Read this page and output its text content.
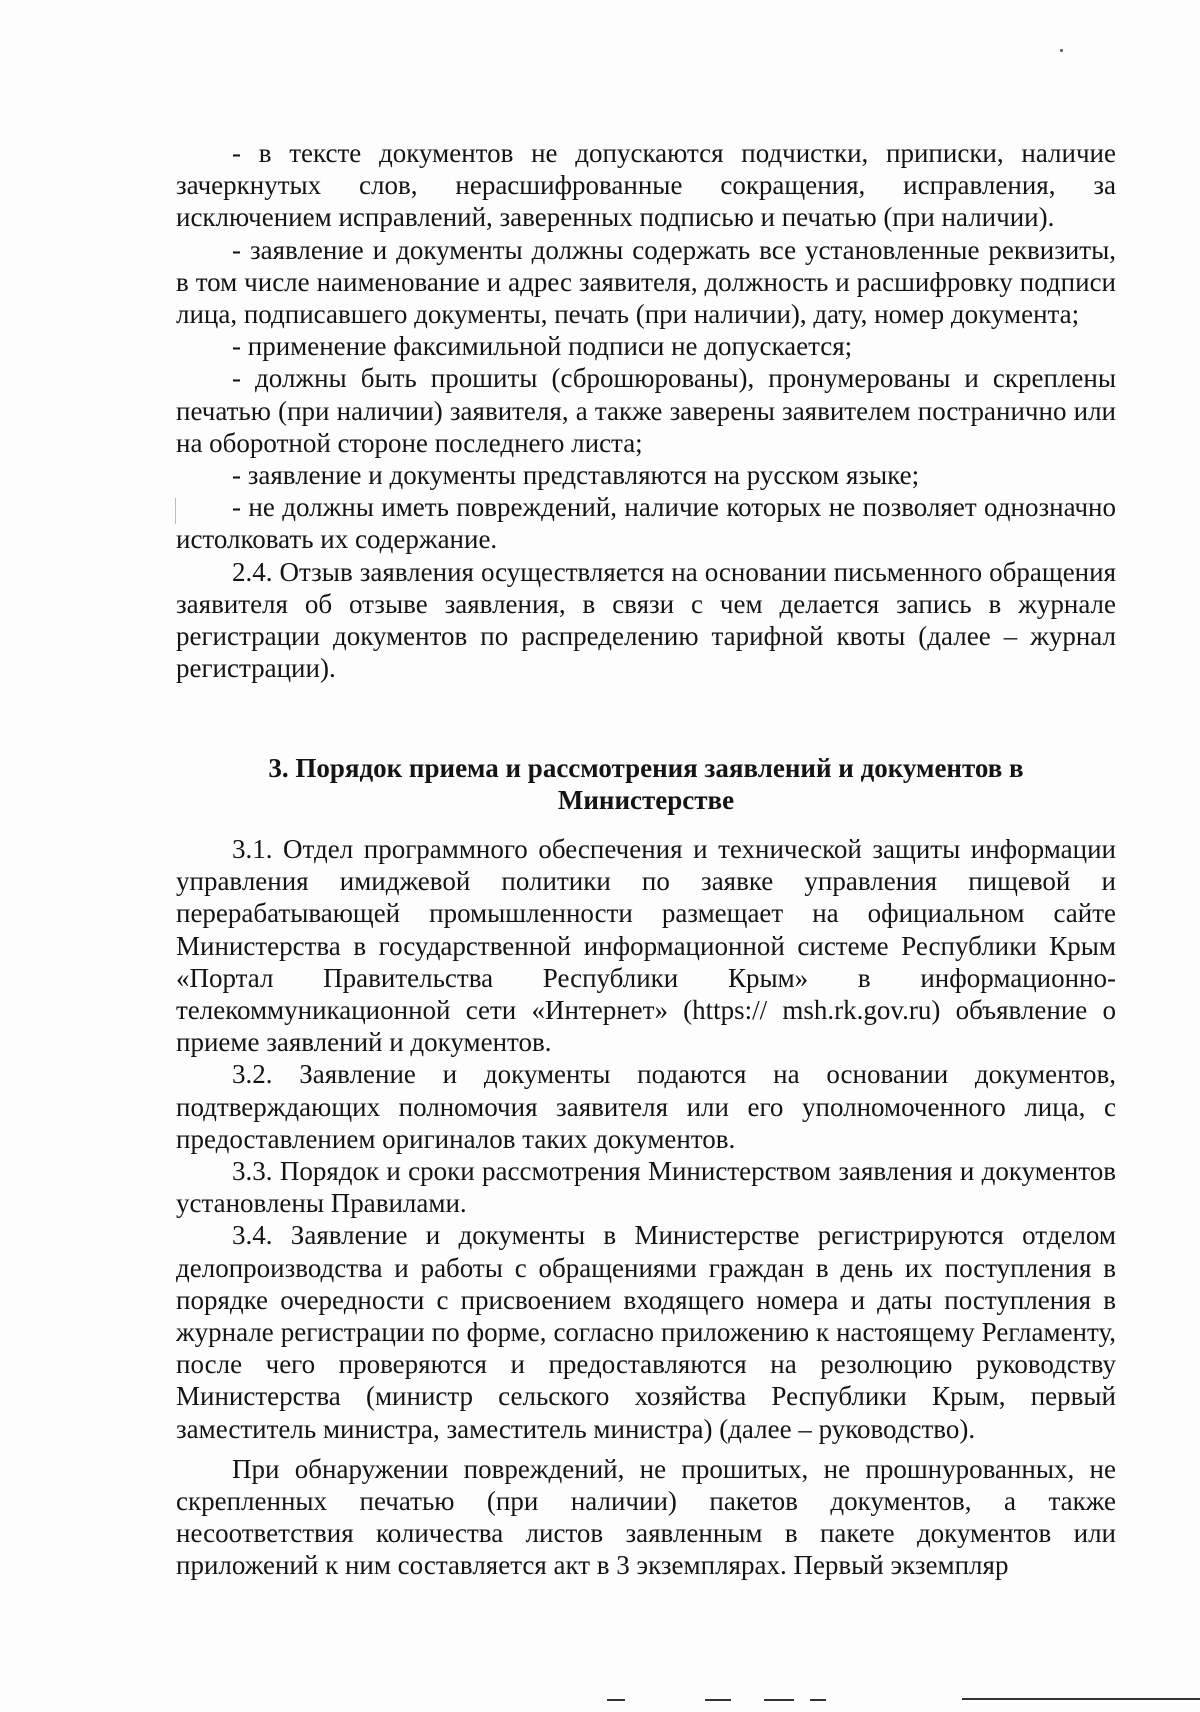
- в тексте документов не допускаются подчистки, приписки, наличие зачеркнутых слов, нерасшифрованные сокращения, исправления, за исключением исправлений, заверенных подписью и печатью (при наличии).

- заявление и документы должны содержать все установленные реквизиты, в том числе наименование и адрес заявителя, должность и расшифровку подписи лица, подписавшего документы, печать (при наличии), дату, номер документа;

- применение факсимильной подписи не допускается;

- должны быть прошиты (сброшюрованы), пронумерованы и скреплены печатью (при наличии) заявителя, а также заверены заявителем постранично или на оборотной стороне последнего листа;

- заявление и документы представляются на русском языке;

- не должны иметь повреждений, наличие которых не позволяет однозначно истолковать их содержание.

2.4. Отзыв заявления осуществляется на основании письменного обращения заявителя об отзыве заявления, в связи с чем делается запись в журнале регистрации документов по распределению тарифной квоты (далее – журнал регистрации).

3. Порядок приема и рассмотрения заявлений и документов в
Министерстве

3.1. Отдел программного обеспечения и технической защиты информации управления имиджевой политики по заявке управления пищевой и перерабатывающей промышленности размещает на официальном сайте Министерства в государственной информационной системе Республики Крым «Портал Правительства Республики Крым» в информационно-телекоммуникационной сети «Интернет» (https:// msh.rk.gov.ru) объявление о приеме заявлений и документов.

3.2. Заявление и документы подаются на основании документов, подтверждающих полномочия заявителя или его уполномоченного лица, с предоставлением оригиналов таких документов.

3.3. Порядок и сроки рассмотрения Министерством заявления и документов установлены Правилами.

3.4. Заявление и документы в Министерстве регистрируются отделом делопроизводства и работы с обращениями граждан в день их поступления в порядке очередности с присвоением входящего номера и даты поступления в журнале регистрации по форме, согласно приложению к настоящему Регламенту, после чего проверяются и предоставляются на резолюцию руководству Министерства (министр сельского хозяйства Республики Крым, первый заместитель министра, заместитель министра) (далее – руководство).

При обнаружении повреждений, не прошитых, не прошнурованных, не скрепленных печатью (при наличии) пакетов документов, а также несоответствия количества листов заявленным в пакете документов или приложений к ним составляется акт в 3 экземплярах. Первый экземпляр
